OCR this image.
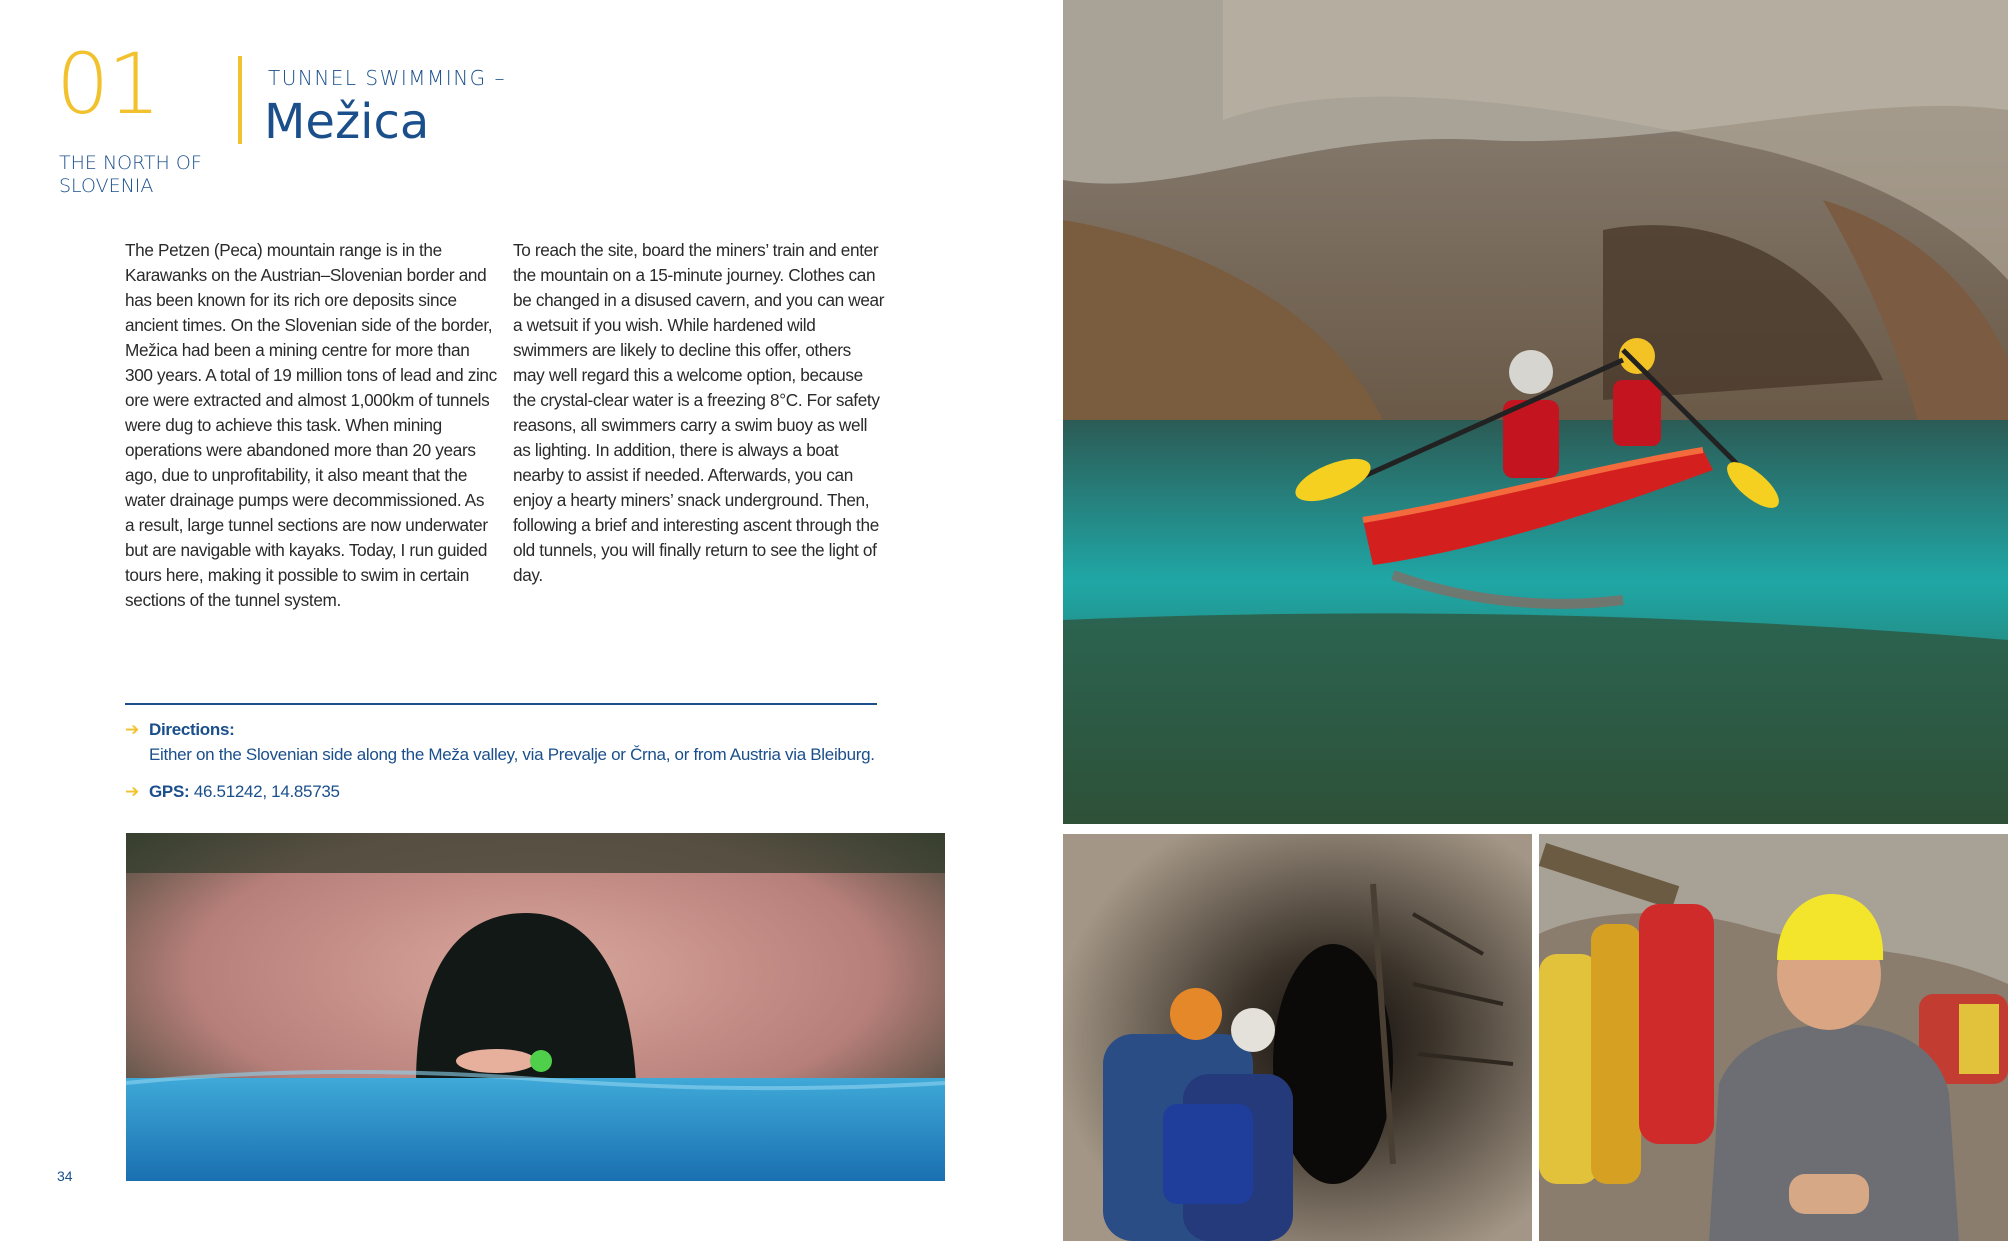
01
THE NORTH OF SLOVENIA
TUNNEL SWIMMING –
Mežica

The Petzen (Peca) mountain range is in the Karawanks on the Austrian–Slovenian border and has been known for its rich ore deposits since ancient times. On the Slovenian side of the border, Mežica had been a mining centre for more than 300 years. A total of 19 million tons of lead and zinc ore were extracted and almost 1,000km of tunnels were dug to achieve this task. When mining operations were abandoned more than 20 years ago, due to unprofitability, it also meant that the water drainage pumps were decommissioned. As a result, large tunnel sections are now underwater but are navigable with kayaks. Today, I run guided tours here, making it possible to swim in certain sections of the tunnel system.

To reach the site, board the miners’ train and enter the mountain on a 15-minute journey. Clothes can be changed in a disused cavern, and you can wear a wetsuit if you wish. While hardened wild swimmers are likely to decline this offer, others may well regard this a welcome option, because the crystal-clear water is a freezing 8°C. For safety reasons, all swimmers carry a swim buoy as well as lighting. In addition, there is always a boat nearby to assist if needed. Afterwards, you can enjoy a hearty miners’ snack underground. Then, following a brief and interesting ascent through the old tunnels, you will finally return to see the light of day.

➔ Directions:
Either on the Slovenian side along the Meža valley, via Prevalje or Črna, or from Austria via Bleiburg.
➔ GPS: 46.51242, 14.85735
34
